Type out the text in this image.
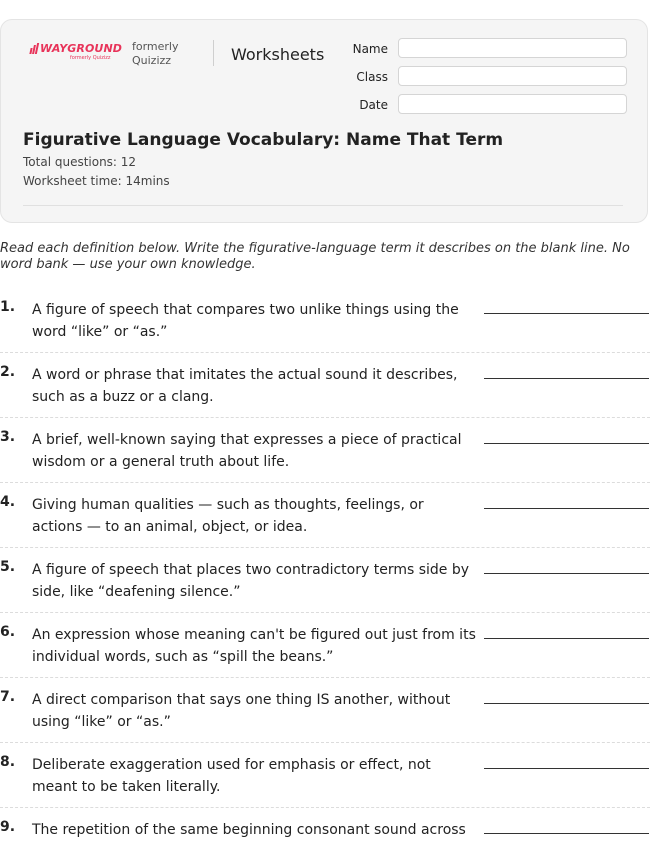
WAYGROUND
formerly Quizizz
formerly
Quizizz	Worksheets	Name
Class
Date
Figurative Language Vocabulary: Name That Term
Total questions: 12
Worksheet time: 14mins
Read each definition below. Write the figurative-language term it describes on the blank line. No word bank — use your own knowledge.
1. A figure of speech that compares two unlike things using the word “like” or “as.”
2. A word or phrase that imitates the actual sound it describes, such as a buzz or a clang.
3. A brief, well-known saying that expresses a piece of practical wisdom or a general truth about life.
4. Giving human qualities — such as thoughts, feelings, or actions — to an animal, object, or idea.
5. A figure of speech that places two contradictory terms side by side, like “deafening silence.”
6. An expression whose meaning can't be figured out just from its individual words, such as “spill the beans.”
7. A direct comparison that says one thing IS another, without using “like” or “as.”
8. Deliberate exaggeration used for emphasis or effect, not meant to be taken literally.
9. The repetition of the same beginning consonant sound across
